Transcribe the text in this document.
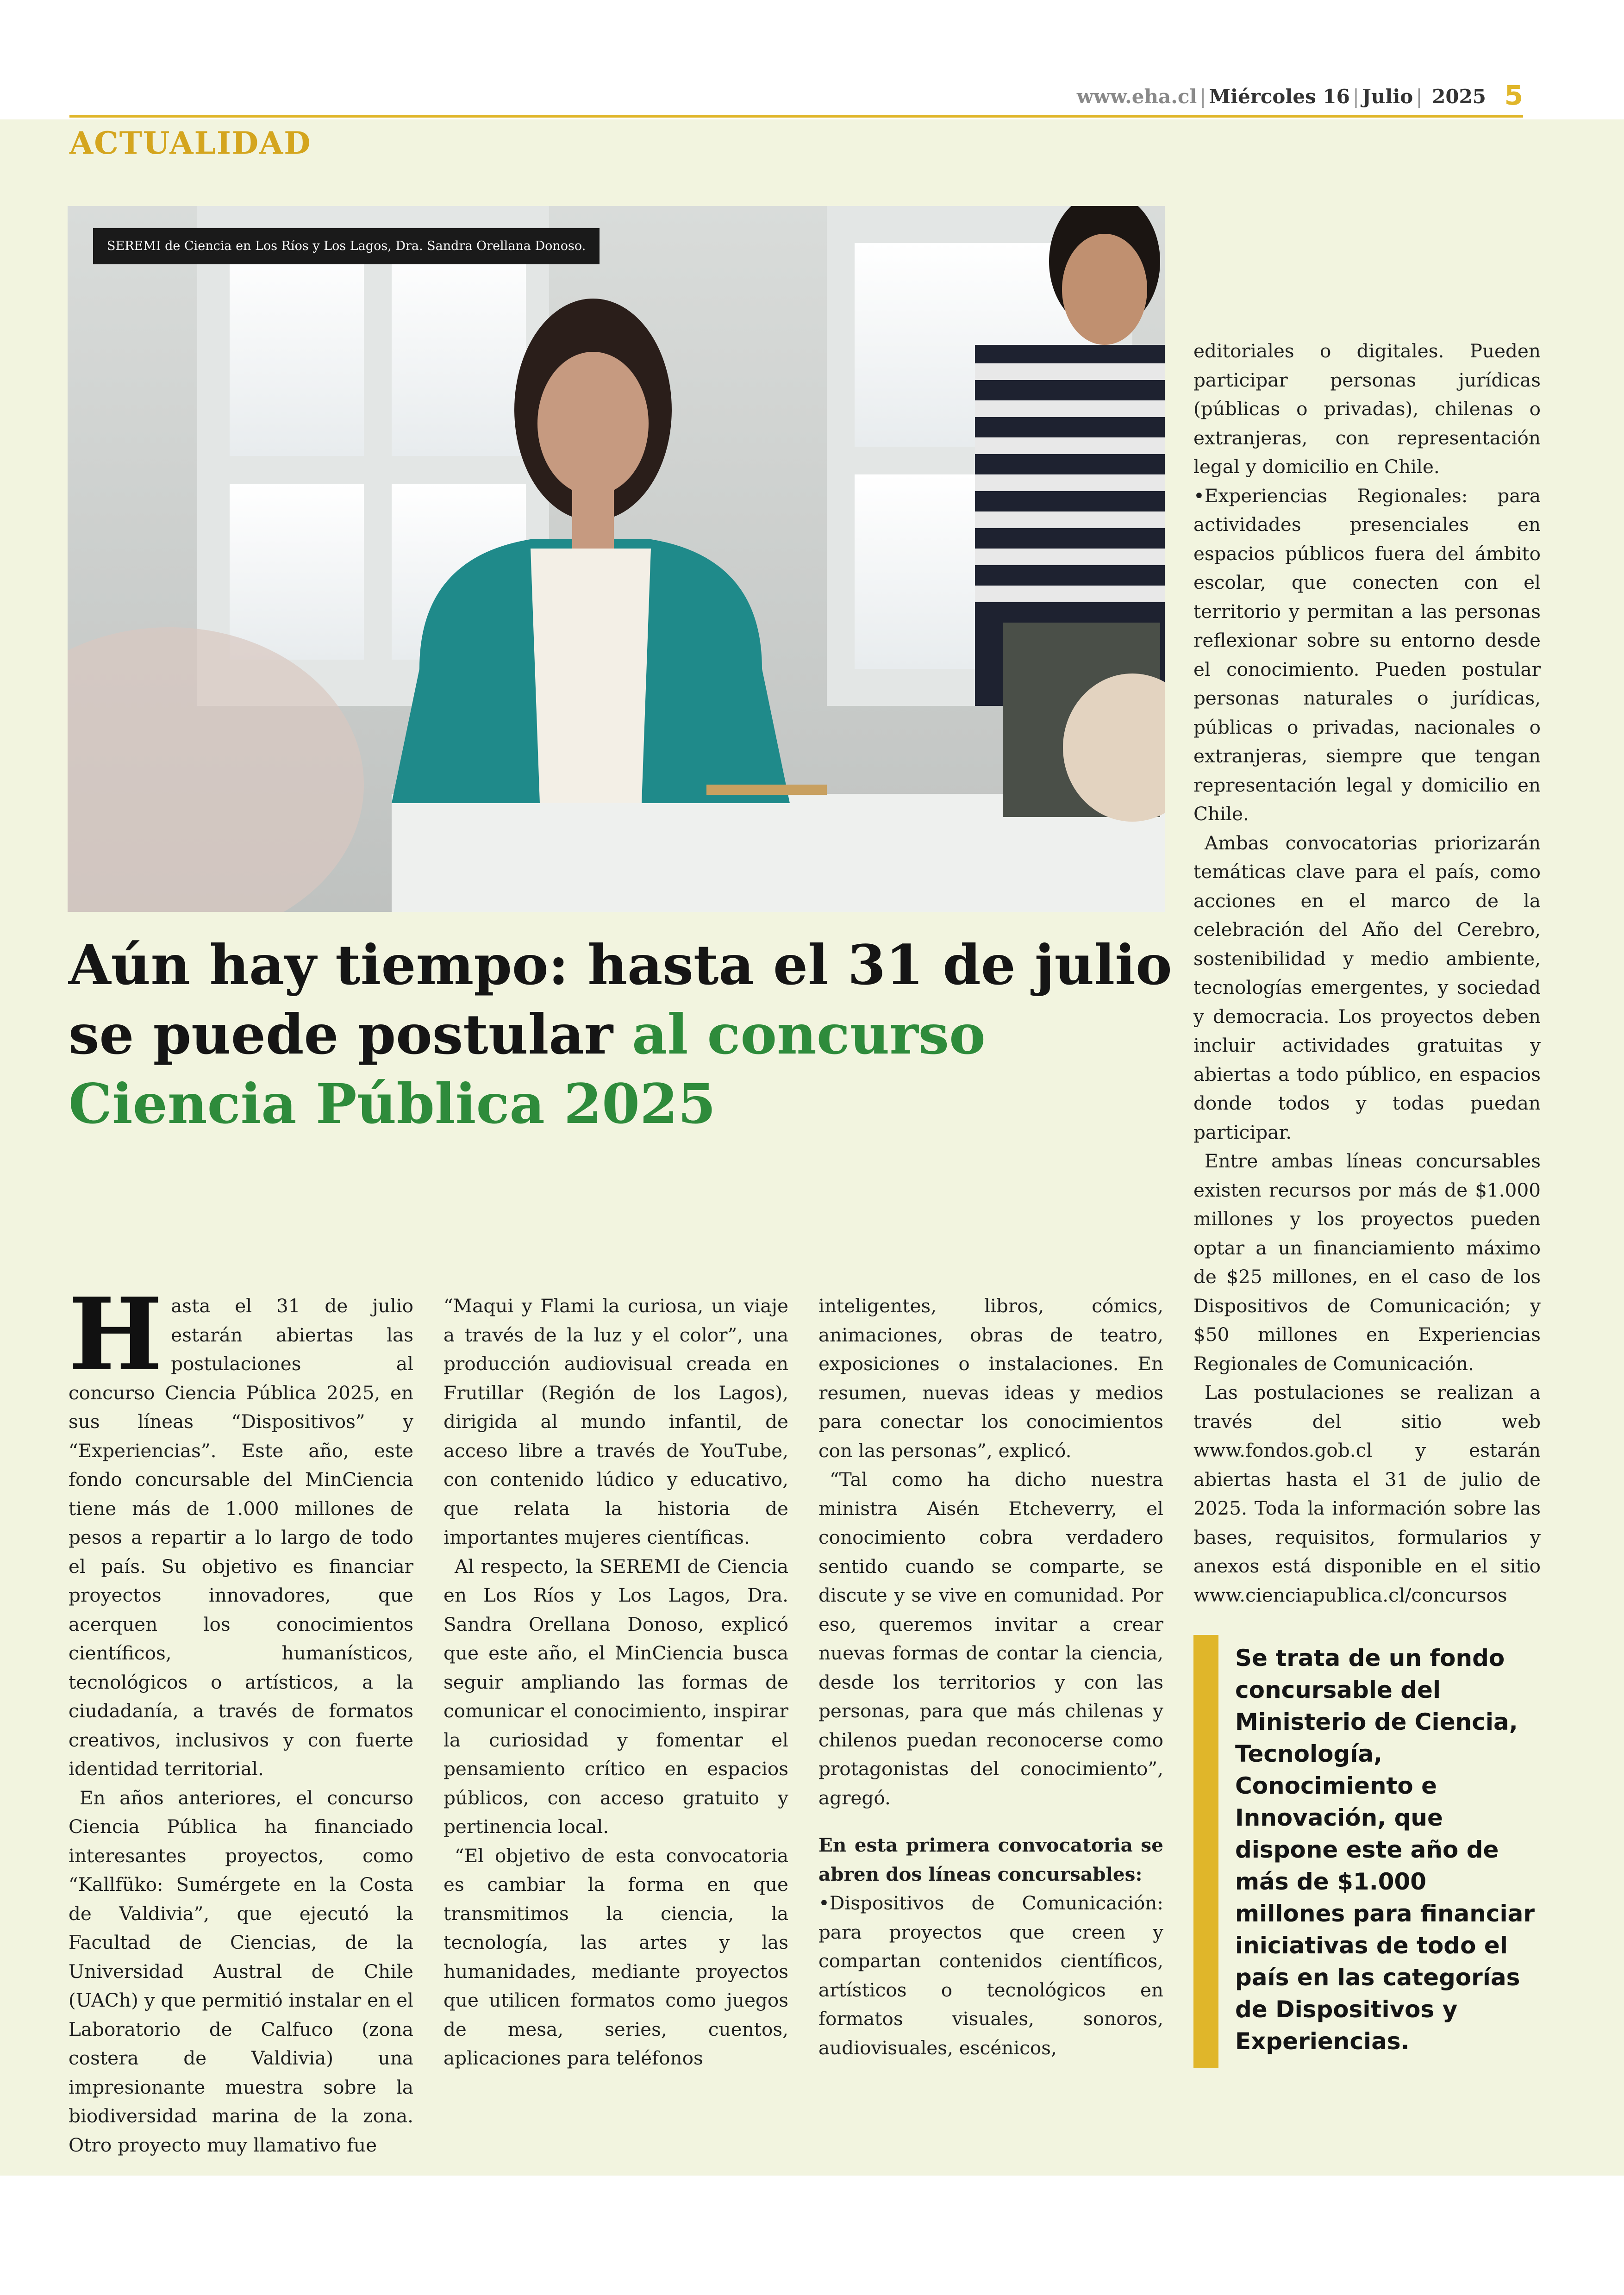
www.eha.cl | Miércoles 16 | Julio | 2025 5
ACTUALIDAD
SEREMI de Ciencia en Los Ríos y Los Lagos, Dra. Sandra Orellana Donoso.
Aún hay tiempo: hasta el 31 de julio se puede postular al concurso Ciencia Pública 2025
H asta el 31 de julio estarán abiertas las postulaciones al concurso Ciencia Pública 2025, en sus líneas “Dispositivos” y “Experiencias”. Este año, este fondo concursable del MinCiencia tiene más de 1.000 millones de pesos a repartir a lo largo de todo el país. Su objetivo es financiar proyectos innovadores, que acerquen los conocimientos científicos, humanísticos, tecnológicos o artísticos, a la ciudadanía, a través de formatos creativos, inclusivos y con fuerte identidad territorial.

En años anteriores, el concurso Ciencia Pública ha financiado interesantes proyectos, como “Kallfüko: Sumérgete en la Costa de Valdivia”, que ejecutó la Facultad de Ciencias, de la Universidad Austral de Chile (UACh) y que permitió instalar en el Laboratorio de Calfuco (zona costera de Valdivia) una impresionante muestra sobre la biodiversidad marina de la zona. Otro proyecto muy llamativo fue

“Maqui y Flami la curiosa, un viaje a través de la luz y el color”, una producción audiovisual creada en Frutillar (Región de los Lagos), dirigida al mundo infantil, de acceso libre a través de YouTube, con contenido lúdico y educativo, que relata la historia de importantes mujeres científicas.

Al respecto, la SEREMI de Ciencia en Los Ríos y Los Lagos, Dra. Sandra Orellana Donoso, explicó que este año, el MinCiencia busca seguir ampliando las formas de comunicar el conocimiento, inspirar la curiosidad y fomentar el pensamiento crítico en espacios públicos, con acceso gratuito y pertinencia local.

“El objetivo de esta convocatoria es cambiar la forma en que transmitimos la ciencia, la tecnología, las artes y las humanidades, mediante proyectos que utilicen formatos como juegos de mesa, series, cuentos, aplicaciones para teléfonos

inteligentes, libros, cómics, animaciones, obras de teatro, exposiciones o instalaciones. En resumen, nuevas ideas y medios para conectar los conocimientos con las personas”, explicó.

“Tal como ha dicho nuestra ministra Aisén Etcheverry, el conocimiento cobra verdadero sentido cuando se comparte, se discute y se vive en comunidad. Por eso, queremos invitar a crear nuevas formas de contar la ciencia, desde los territorios y con las personas, para que más chilenas y chilenos puedan reconocerse como protagonistas del conocimiento”, agregó.

En esta primera convocatoria se abren dos líneas concursables:

•Dispositivos de Comunicación: para proyectos que creen y compartan contenidos científicos, artísticos o tecnológicos en formatos visuales, sonoros, audiovisuales, escénicos,

editoriales o digitales. Pueden participar personas jurídicas (públicas o privadas), chilenas o extranjeras, con representación legal y domicilio en Chile.

•Experiencias Regionales: para actividades presenciales en espacios públicos fuera del ámbito escolar, que conecten con el territorio y permitan a las personas reflexionar sobre su entorno desde el conocimiento. Pueden postular personas naturales o jurídicas, públicas o privadas, nacionales o extranjeras, siempre que tengan representación legal y domicilio en Chile.

Ambas convocatorias priorizarán temáticas clave para el país, como acciones en el marco de la celebración del Año del Cerebro, sostenibilidad y medio ambiente, tecnologías emergentes, y sociedad y democracia. Los proyectos deben incluir actividades gratuitas y abiertas a todo público, en espacios donde todos y todas puedan participar.

Entre ambas líneas concursables existen recursos por más de $1.000 millones y los proyectos pueden optar a un financiamiento máximo de $25 millones, en el caso de los Dispositivos de Comunicación; y $50 millones en Experiencias Regionales de Comunicación.

Las postulaciones se realizan a través del sitio web www.fondos.gob.cl y estarán abiertas hasta el 31 de julio de 2025. Toda la información sobre las bases, requisitos, formularios y anexos está disponible en el sitio www.cienciapublica.cl/concursos

Se trata de un fondo concursable del Ministerio de Ciencia, Tecnología, Conocimiento e Innovación, que dispone este año de más de $1.000 millones para financiar iniciativas de todo el país en las categorías de Dispositivos y Experiencias.
